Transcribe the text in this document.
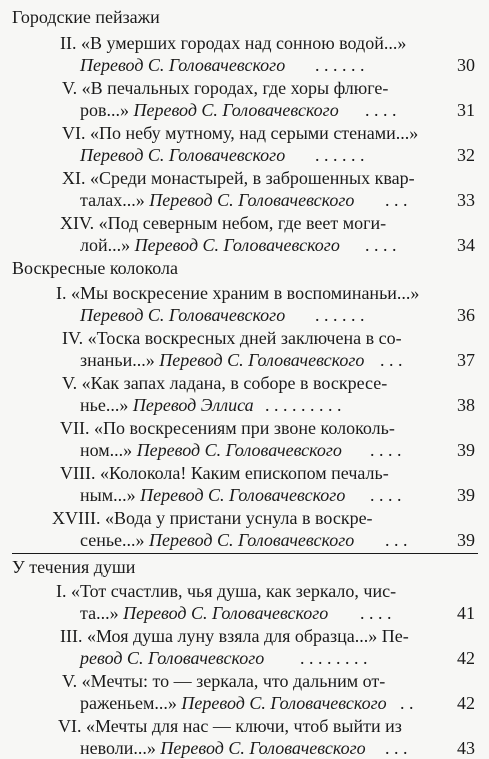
Городские пейзажи
II. «В умерших городах над сонною водой...»
Перевод С. Головачевского . . . . . .	30
V. «В печальных городах, где хоры флюге-
ров...» Перевод С. Головачевского . . . .	31
VI. «По небу мутному, над серыми стенами...»
Перевод С. Головачевского . . . . . .	32
XI. «Среди монастырей, в заброшенных квар-
талах...» Перевод С. Головачевского . . .	33
XIV. «Под северным небом, где веет моги-
лой...» Перевод С. Головачевского . . . .	34
Воскресные колокола
I. «Мы воскресение храним в воспоминаньи...»
Перевод С. Головачевского . . . . . .	36
IV. «Тоска воскресных дней заключена в со-
знаньи...» Перевод С. Головачевского . . .	37
V. «Как запах ладана, в соборе в воскресе-
нье...» Перевод Эллиса . . . . . . . . .	38
VII. «По воскресениям при звоне колоколь-
ном...» Перевод С. Головачевского . . . .	39
VIII. «Колокола! Каким епископом печаль-
ным...» Перевод С. Головачевского . . . .	39
XVIII. «Вода у пристани уснула в воскре-
сенье...» Перевод С. Головачевского . . .	39
У течения души
I. «Тот счастлив, чья душа, как зеркало, чис-
та...» Перевод С. Головачевского . . . .	41
III. «Моя душа луну взяла для образца...» Пе-
ревод С. Головачевского . . . . . . . .	42
V. «Мечты: то — зеркала, что дальним от-
раженьем...» Перевод С. Головачевского . .	42
VI. «Мечты для нас — ключи, чтоб выйти из
неволи...» Перевод С. Головачевского . . .	43
